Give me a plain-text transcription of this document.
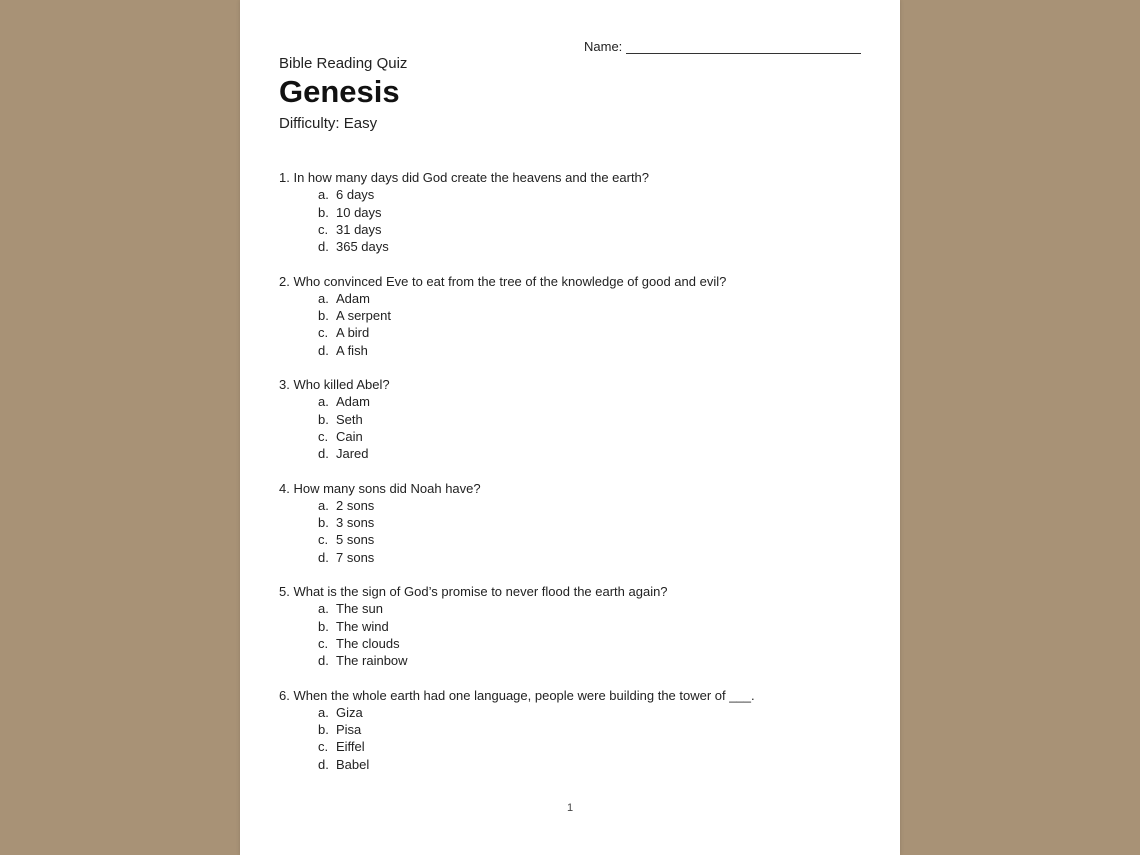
Name:
Bible Reading Quiz
Genesis
Difficulty: Easy
1. In how many days did God create the heavens and the earth?
a. 6 days
b. 10 days
c. 31 days
d. 365 days
2. Who convinced Eve to eat from the tree of the knowledge of good and evil?
a. Adam
b. A serpent
c. A bird
d. A fish
3. Who killed Abel?
a. Adam
b. Seth
c. Cain
d. Jared
4. How many sons did Noah have?
a. 2 sons
b. 3 sons
c. 5 sons
d. 7 sons
5. What is the sign of God’s promise to never flood the earth again?
a. The sun
b. The wind
c. The clouds
d. The rainbow
6. When the whole earth had one language, people were building the tower of ___.
a. Giza
b. Pisa
c. Eiffel
d. Babel
1
